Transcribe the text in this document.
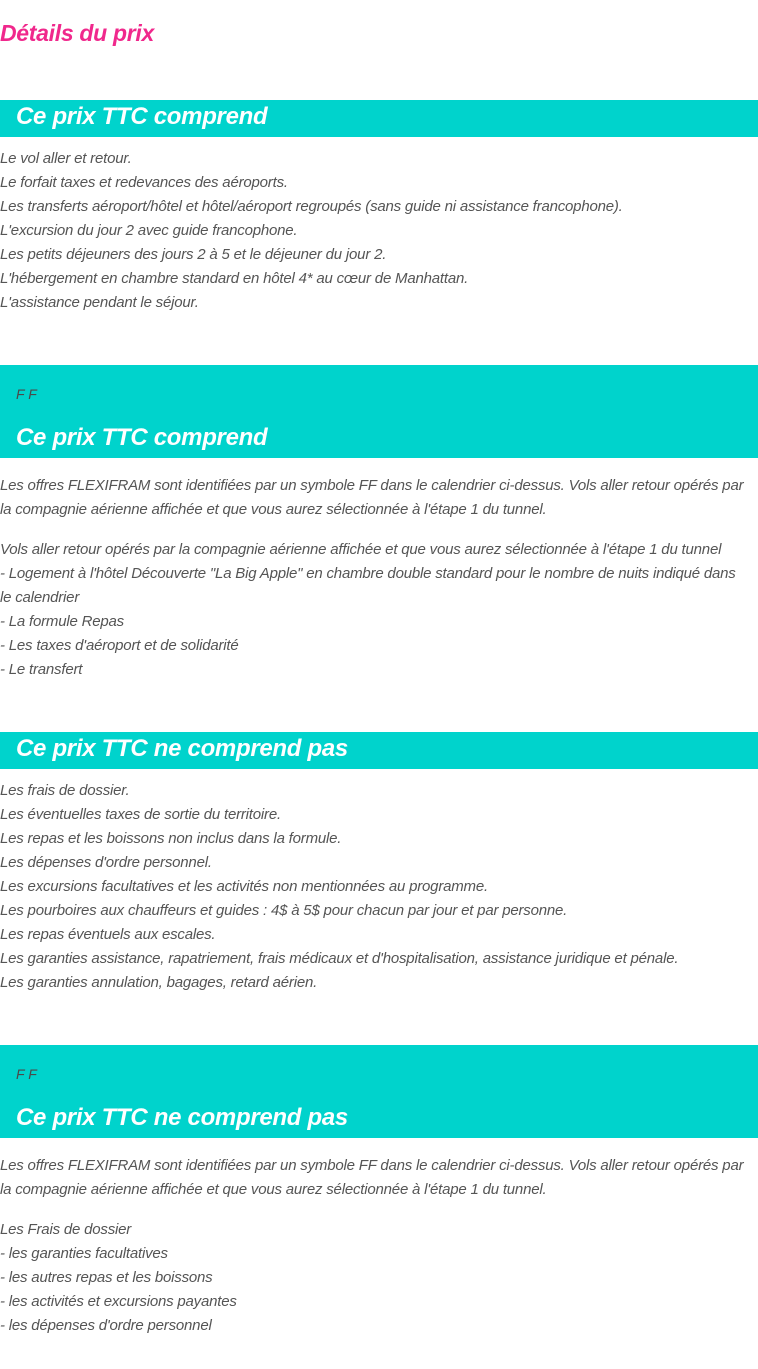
Détails du prix
Ce prix TTC comprend
Le vol aller et retour.
Le forfait taxes et redevances des aéroports.
Les transferts aéroport/hôtel et hôtel/aéroport regroupés (sans guide ni assistance francophone).
L'excursion du jour 2 avec guide francophone.
Les petits déjeuners des jours 2 à 5 et le déjeuner du jour 2.
L'hébergement en chambre standard en hôtel 4* au cœur de Manhattan.
L'assistance pendant le séjour.
F F
Ce prix TTC comprend
Les offres FLEXIFRAM sont identifiées par un symbole FF dans le calendrier ci-dessus. Vols aller retour opérés par la compagnie aérienne affichée et que vous aurez sélectionnée à l'étape 1 du tunnel.
Vols aller retour opérés par la compagnie aérienne affichée et que vous aurez sélectionnée à l'étape 1 du tunnel
- Logement à l'hôtel Découverte "La Big Apple" en chambre double standard pour le nombre de nuits indiqué dans le calendrier
- La formule Repas
- Les taxes d'aéroport et de solidarité
- Le transfert
Ce prix TTC ne comprend pas
Les frais de dossier.
Les éventuelles taxes de sortie du territoire.
Les repas et les boissons non inclus dans la formule.
Les dépenses d'ordre personnel.
Les excursions facultatives et les activités non mentionnées au programme.
Les pourboires aux chauffeurs et guides : 4$ à 5$ pour chacun par jour et par personne.
Les repas éventuels aux escales.
Les garanties assistance, rapatriement, frais médicaux et d'hospitalisation, assistance juridique et pénale.
Les garanties annulation, bagages, retard aérien.
F F
Ce prix TTC ne comprend pas
Les offres FLEXIFRAM sont identifiées par un symbole FF dans le calendrier ci-dessus. Vols aller retour opérés par la compagnie aérienne affichée et que vous aurez sélectionnée à l'étape 1 du tunnel.
Les Frais de dossier
- les garanties facultatives
- les autres repas et les boissons
- les activités et excursions payantes
- les dépenses d'ordre personnel
